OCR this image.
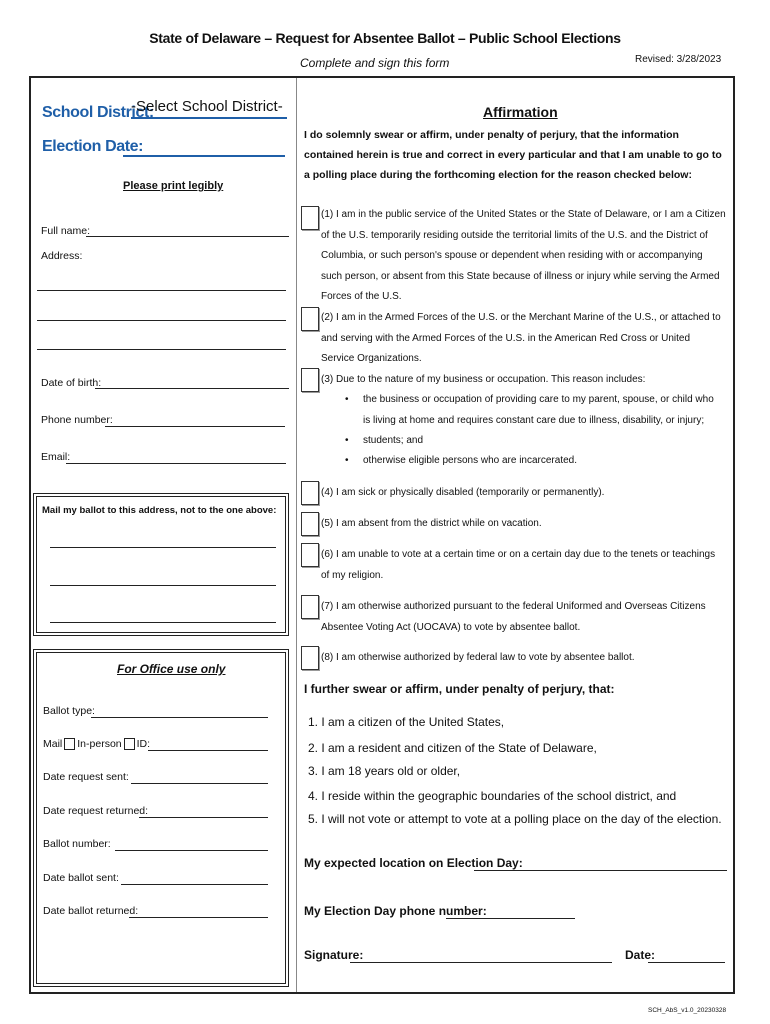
State of Delaware – Request for Absentee Ballot – Public School Elections
Complete and sign this form	Revised: 3/28/2023
School District:
-Select School District-
Election Date:
Please print legibly
Full name:
Address:
Date of birth:
Phone number:
Email:
Mail my ballot to this address, not to the one above:
For Office use only
Ballot type:
Mail In-person ID:
Date request sent:
Date request returned:
Ballot number:
Date ballot sent:
Date ballot returned:
Affirmation
I do solemnly swear or affirm, under penalty of perjury, that the information contained herein is true and correct in every particular and that I am unable to go to a polling place during the forthcoming election for the reason checked below:
(1) I am in the public service of the United States or the State of Delaware, or I am a Citizen of the U.S. temporarily residing outside the territorial limits of the U.S. and the District of Columbia, or such person's spouse or dependent when residing with or accompanying such person, or absent from this State because of illness or injury while serving the Armed Forces of the U.S.
(2) I am in the Armed Forces of the U.S. or the Merchant Marine of the U.S., or attached to and serving with the Armed Forces of the U.S. in the American Red Cross or United Service Organizations.
(3) Due to the nature of my business or occupation. This reason includes:
• the business or occupation of providing care to my parent, spouse, or child who is living at home and requires constant care due to illness, disability, or injury;
• students; and
• otherwise eligible persons who are incarcerated.
(4) I am sick or physically disabled (temporarily or permanently).
(5) I am absent from the district while on vacation.
(6) I am unable to vote at a certain time or on a certain day due to the tenets or teachings of my religion.
(7) I am otherwise authorized pursuant to the federal Uniformed and Overseas Citizens Absentee Voting Act (UOCAVA) to vote by absentee ballot.
(8) I am otherwise authorized by federal law to vote by absentee ballot.
I further swear or affirm, under penalty of perjury, that:
1. I am a citizen of the United States,
2. I am a resident and citizen of the State of Delaware,
3. I am 18 years old or older,
4. I reside within the geographic boundaries of the school district, and
5. I will not vote or attempt to vote at a polling place on the day of the election.
My expected location on Election Day:
My Election Day phone number:
Signature:	Date:
SCH_AbS_v1.0_20230328
